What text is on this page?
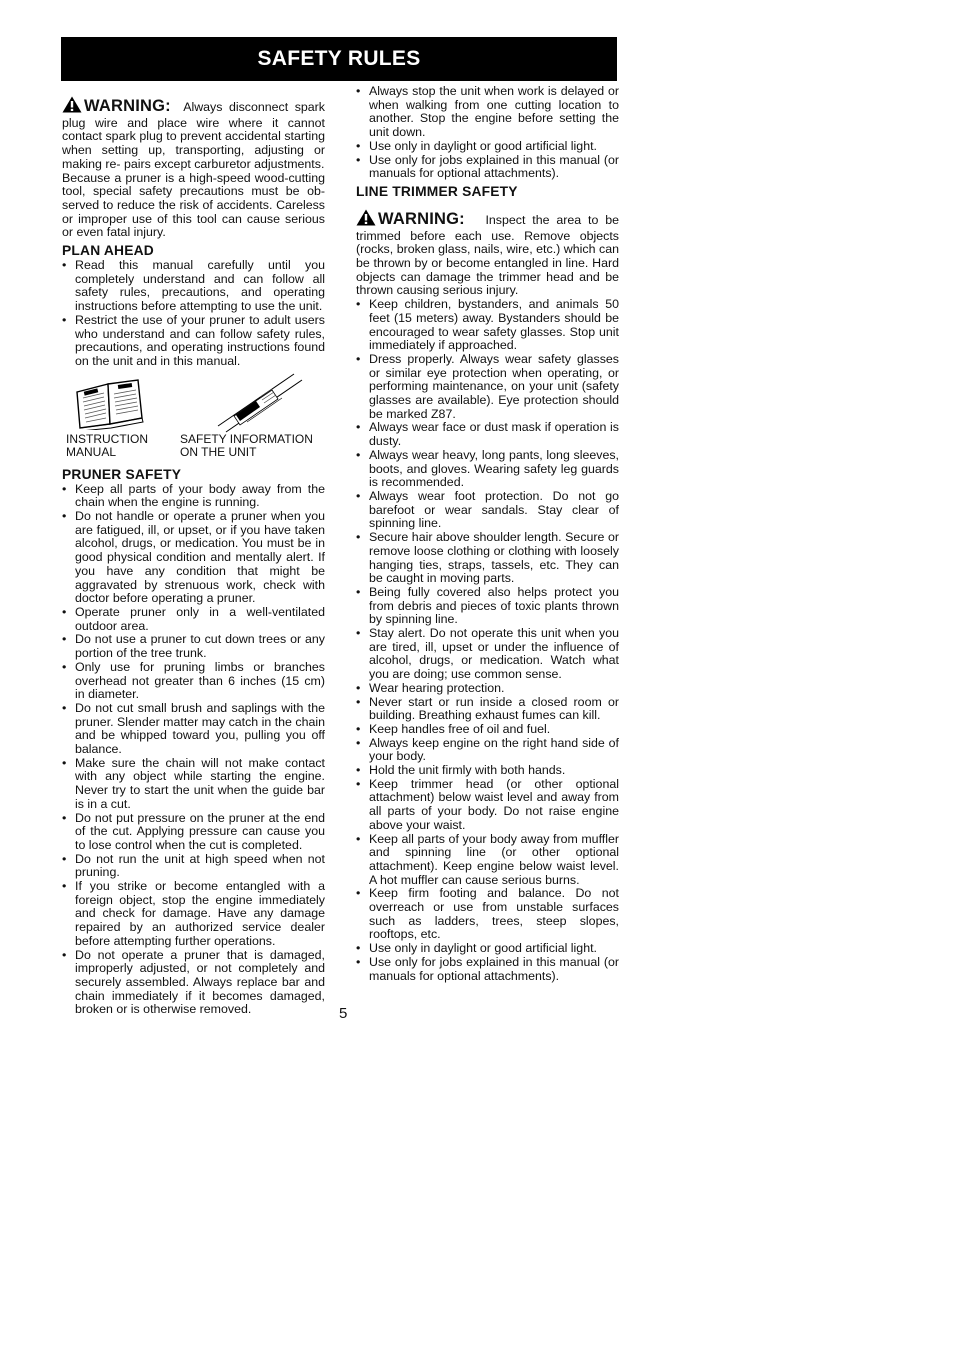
SAFETY RULES

WARNING: Always disconnect spark plug wire and place wire where it cannot contact spark plug to prevent accidental starting when setting up, transporting, adjusting or making re- pairs except carburetor adjustments.

Because a pruner is a high-speed wood-cutting tool, special safety precautions must be ob- served to reduce the risk of accidents. Careless or improper use of this tool can cause serious or even fatal injury.

PLAN AHEAD
• Read this manual carefully until you completely understand and can follow all safety rules, precautions, and operating instructions before attempting to use the unit.
• Restrict the use of your pruner to adult users who understand and can follow safety rules, precautions, and operating instructions found on the unit and in this manual.
INSTRUCTION MANUAL
SAFETY INFORMATION ON THE UNIT
PRUNER SAFETY
• Keep all parts of your body away from the chain when the engine is running.
• Do not handle or operate a pruner when you are fatigued, ill, or upset, or if you have taken alcohol, drugs, or medication. You must be in good physical condition and mentally alert. If you have any condition that might be aggravated by strenuous work, check with doctor before operating a pruner.
• Operate pruner only in a well-ventilated outdoor area.
• Do not use a pruner to cut down trees or any portion of the tree trunk.
• Only use for pruning limbs or branches overhead not greater than 6 inches (15 cm) in diameter.
• Do not cut small brush and saplings with the pruner. Slender matter may catch in the chain and be whipped toward you, pulling you off balance.
• Make sure the chain will not make contact with any object while starting the engine. Never try to start the unit when the guide bar is in a cut.
• Do not put pressure on the pruner at the end of the cut. Applying pressure can cause you to lose control when the cut is completed.
• Do not run the unit at high speed when not pruning.
• If you strike or become entangled with a foreign object, stop the engine immediately and check for damage. Have any damage repaired by an authorized service dealer before attempting further operations.
• Do not operate a pruner that is damaged, improperly adjusted, or not completely and securely assembled. Always replace bar and chain immediately if it becomes damaged, broken or is otherwise removed.
• Always stop the unit when work is delayed or when walking from one cutting location to another. Stop the engine before setting the unit down.
• Use only in daylight or good artificial light.
• Use only for jobs explained in this manual (or manuals for optional attachments).
LINE TRIMMER SAFETY

WARNING: Inspect the area to be trimmed before each use. Remove objects (rocks, broken glass, nails, wire, etc.) which can be thrown by or become entangled in line. Hard objects can damage the trimmer head and be thrown causing serious injury.

• Keep children, bystanders, and animals 50 feet (15 meters) away. Bystanders should be encouraged to wear safety glasses. Stop unit immediately if approached.
• Dress properly. Always wear safety glasses or similar eye protection when operating, or performing maintenance, on your unit (safety glasses are available). Eye protection should be marked Z87.
• Always wear face or dust mask if operation is dusty.
• Always wear heavy, long pants, long sleeves, boots, and gloves. Wearing safety leg guards is recommended.
• Always wear foot protection. Do not go barefoot or wear sandals. Stay clear of spinning line.
• Secure hair above shoulder length. Secure or remove loose clothing or clothing with loosely hanging ties, straps, tassels, etc. They can be caught in moving parts.
• Being fully covered also helps protect you from debris and pieces of toxic plants thrown by spinning line.
• Stay alert. Do not operate this unit when you are tired, ill, upset or under the influence of alcohol, drugs, or medication. Watch what you are doing; use common sense.
• Wear hearing protection.
• Never start or run inside a closed room or building. Breathing exhaust fumes can kill.
• Keep handles free of oil and fuel.
• Always keep engine on the right hand side of your body.
• Hold the unit firmly with both hands.
• Keep trimmer head (or other optional attachment) below waist level and away from all parts of your body. Do not raise engine above your waist.
• Keep all parts of your body away from muffler and spinning line (or other optional attachment). Keep engine below waist level. A hot muffler can cause serious burns.
• Keep firm footing and balance. Do not overreach or use from unstable surfaces such as ladders, trees, steep slopes, rooftops, etc.
• Use only in daylight or good artificial light.
• Use only for jobs explained in this manual (or manuals for optional attachments).
5
